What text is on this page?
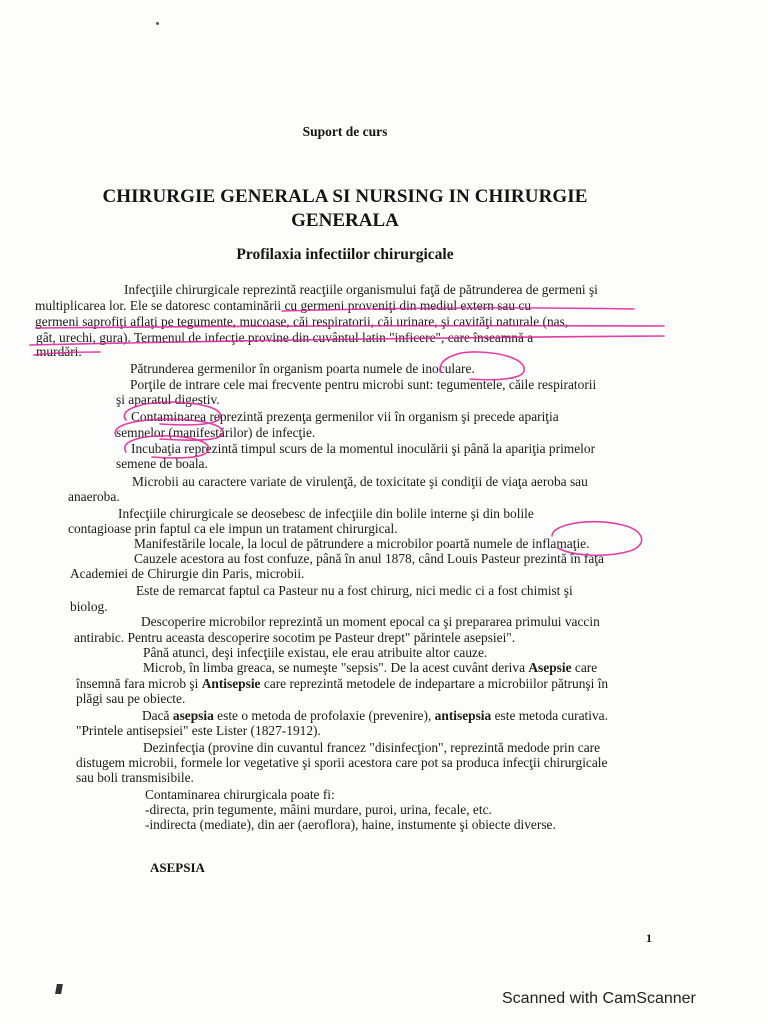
Suport de curs
CHIRURGIE GENERALA SI NURSING IN CHIRURGIE
GENERALA
Profilaxia infectiilor chirurgicale
Infecţiile chirurgicale reprezintă reacţiile organismului faţă de pătrunderea de germeni şi
multiplicarea lor. Ele se datoresc contaminării cu germeni proveniţi din mediul extern sau cu
germeni saprofiţi aflaţi pe tegumente, mucoase, căi respiratorii, căi urinare, şi cavităţi naturale (nas,
gât, urechi, gura). Termenul de infecţie provine din cuvântul latin "inficere", care înseamnă a
murdări.
Pătrunderea germenilor în organism poarta numele de inoculare.
Porţile de intrare cele mai frecvente pentru microbi sunt: tegumentele, căile respiratorii
şi aparatul digestiv.
Contaminarea reprezintă prezenţa germenilor vii în organism şi precede apariţia
semnelor (manifestărilor) de infecţie.
Incubaţia reprezintă timpul scurs de la momentul inoculării şi până la apariţia primelor
semene de boala.
Microbii au caractere variate de virulenţă, de toxicitate şi condiţii de viaţa aeroba sau
anaeroba.
Infecţiile chirurgicale se deosebesc de infecţiile din bolile interne şi din bolile
contagioase prin faptul ca ele impun un tratament chirurgical.
Manifestările locale, la locul de pătrundere a microbilor poartă numele de inflamaţie.
Cauzele acestora au fost confuze, până în anul 1878, când Louis Pasteur prezintă în faţa
Academiei de Chirurgie din Paris, microbii.
Este de remarcat faptul ca Pasteur nu a fost chirurg, nici medic ci a fost chimist şi
biolog.
Descoperire microbilor reprezintă un moment epocal ca şi prepararea primului vaccin
antirabic. Pentru aceasta descoperire socotim pe Pasteur drept" părintele asepsiei".
Până atunci, deşi infecţiile existau, ele erau atribuite altor cauze.
Microb, în limba greaca, se numeşte "sepsis". De la acest cuvânt deriva Asepsie care
însemnă fara microb şi Antisepsie care reprezintă metodele de indepartare a microbiilor pătrunşi în
plăgi sau pe obiecte.
Dacă asepsia este o metoda de profolaxie (prevenire), antisepsia este metoda curativa.
"Printele antisepsiei" este Lister (1827-1912).
Dezinfecţia (provine din cuvantul francez "disinfecţion", reprezintă medode prin care
distugem microbii, formele lor vegetative şi sporii acestora care pot sa produca infecţii chirurgicale
sau boli transmisibile.
Contaminarea chirurgicala poate fi:
-directa, prin tegumente, mâini murdare, puroi, urina, fecale, etc.
-indirecta (mediate), din aer (aeroflora), haine, instumente şi obiecte diverse.
ASEPSIA
1
Scanned with CamScanner
